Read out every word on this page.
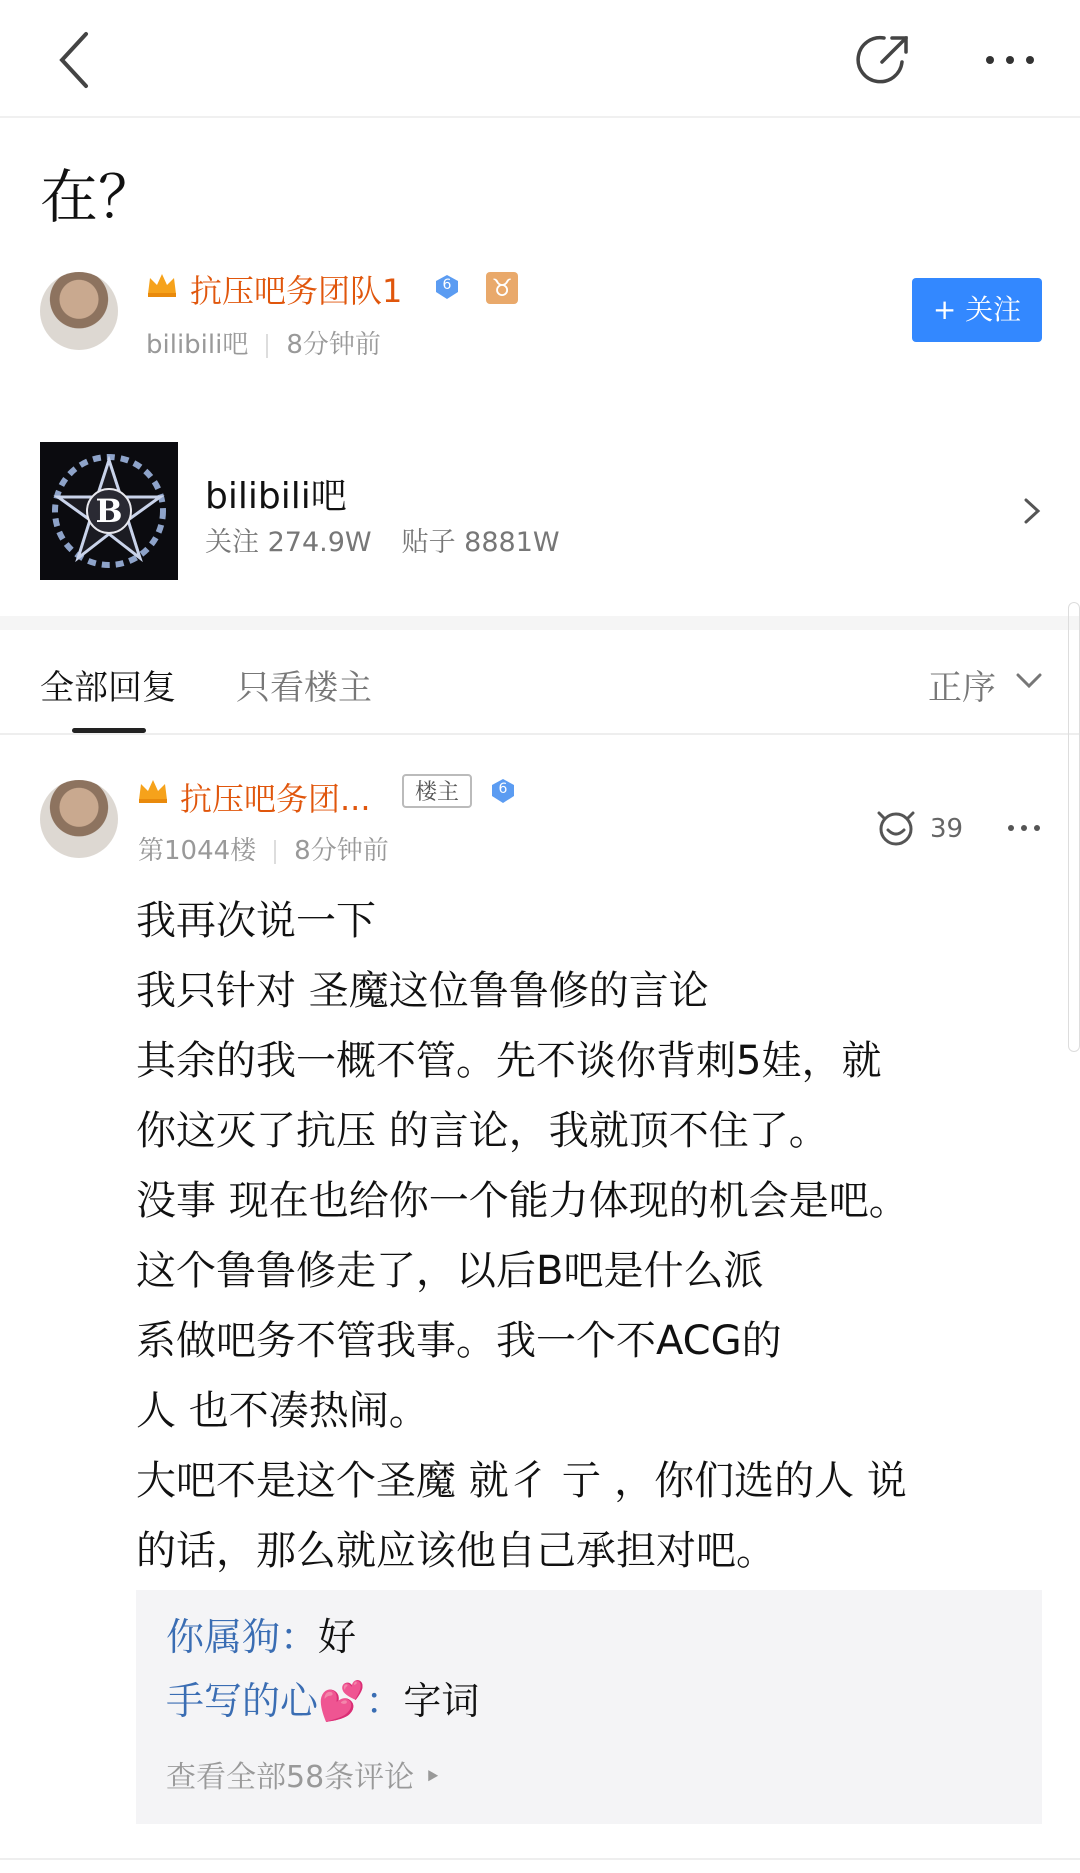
在？
抗压吧务团队1	6	♉
bilibili吧 8分钟前
+ 关注
B	bilibili吧
关注 274.9W 贴子 8881W
全部回复 只看楼主	正序
抗压吧务团...	楼主	6
第1044楼 8分钟前
39
我再次说一下
我只针对 圣魔这位鲁鲁修的言论
其余的我一概不管。先不谈你背刺5娃，就
你这灭了抗压 的言论，我就顶不住了。
没事 现在也给你一个能力体现的机会是吧。
这个鲁鲁修走了，以后B吧是什么派
系做吧务不管我事。我一个不ACG的
人 也不凑热闹。
大吧不是这个圣魔 就彳 亍 ，你们选的人 说
的话，那么就应该他自己承担对吧。
你属狗：好
手写的心💕：字词
查看全部58条评论 ‣
